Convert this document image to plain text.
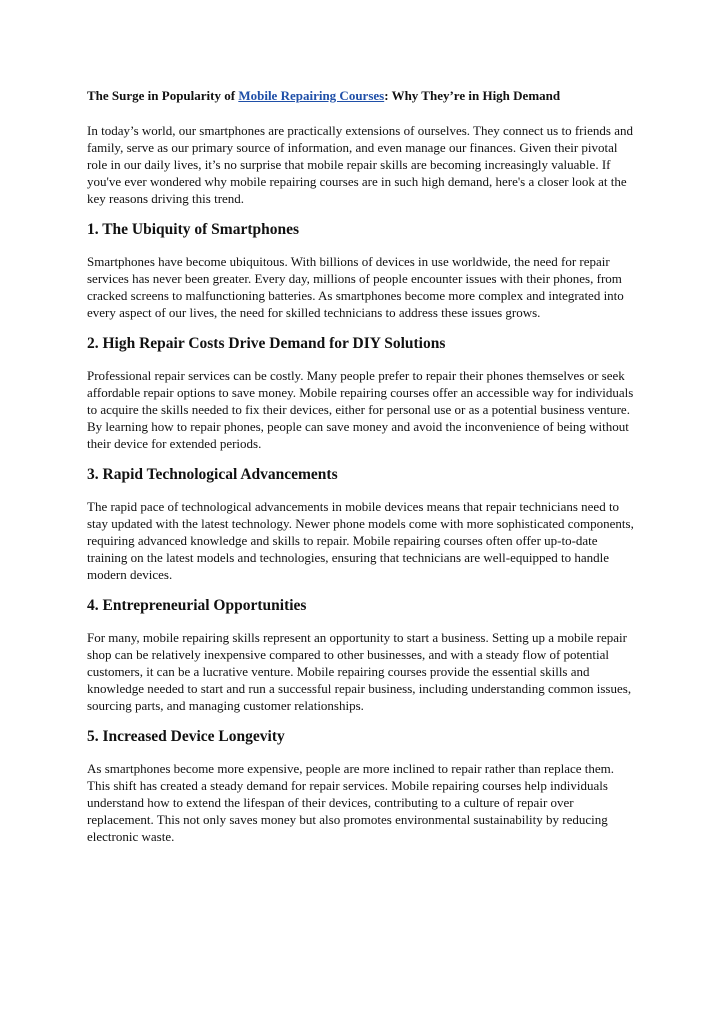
The Surge in Popularity of Mobile Repairing Courses: Why They’re in High Demand

In today’s world, our smartphones are practically extensions of ourselves. They connect us to friends and family, serve as our primary source of information, and even manage our finances. Given their pivotal role in our daily lives, it’s no surprise that mobile repair skills are becoming increasingly valuable. If you've ever wondered why mobile repairing courses are in such high demand, here's a closer look at the key reasons driving this trend.

1. The Ubiquity of Smartphones

Smartphones have become ubiquitous. With billions of devices in use worldwide, the need for repair services has never been greater. Every day, millions of people encounter issues with their phones, from cracked screens to malfunctioning batteries. As smartphones become more complex and integrated into every aspect of our lives, the need for skilled technicians to address these issues grows.

2. High Repair Costs Drive Demand for DIY Solutions

Professional repair services can be costly. Many people prefer to repair their phones themselves or seek affordable repair options to save money. Mobile repairing courses offer an accessible way for individuals to acquire the skills needed to fix their devices, either for personal use or as a potential business venture. By learning how to repair phones, people can save money and avoid the inconvenience of being without their device for extended periods.

3. Rapid Technological Advancements

The rapid pace of technological advancements in mobile devices means that repair technicians need to stay updated with the latest technology. Newer phone models come with more sophisticated components, requiring advanced knowledge and skills to repair. Mobile repairing courses often offer up-to-date training on the latest models and technologies, ensuring that technicians are well-equipped to handle modern devices.

4. Entrepreneurial Opportunities

For many, mobile repairing skills represent an opportunity to start a business. Setting up a mobile repair shop can be relatively inexpensive compared to other businesses, and with a steady flow of potential customers, it can be a lucrative venture. Mobile repairing courses provide the essential skills and knowledge needed to start and run a successful repair business, including understanding common issues, sourcing parts, and managing customer relationships.

5. Increased Device Longevity

As smartphones become more expensive, people are more inclined to repair rather than replace them. This shift has created a steady demand for repair services. Mobile repairing courses help individuals understand how to extend the lifespan of their devices, contributing to a culture of repair over replacement. This not only saves money but also promotes environmental sustainability by reducing electronic waste.
